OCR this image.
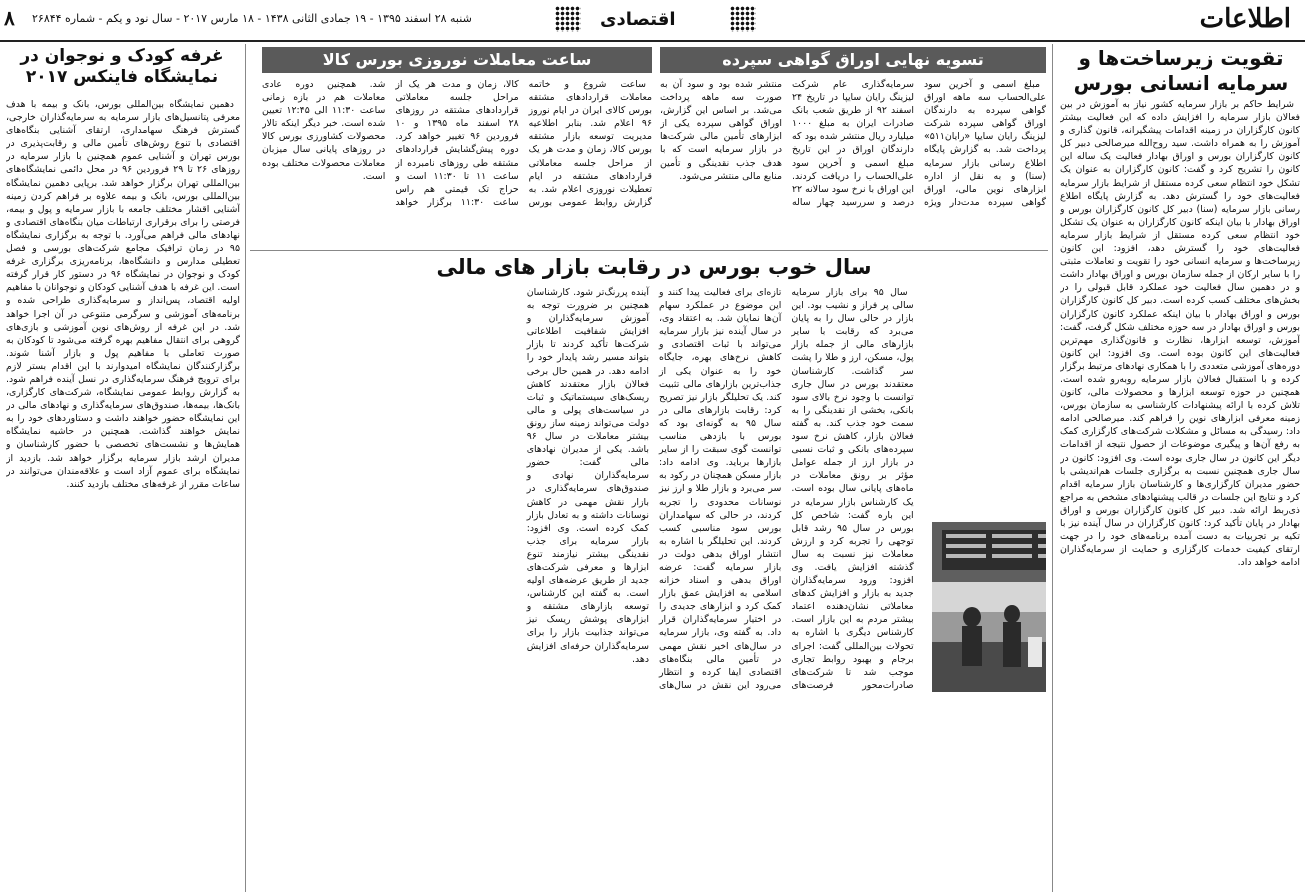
اطلاعات
اقتصادی
شنبه ۲۸ اسفند ۱۳۹۵ - ۱۹ جمادی الثانی ۱۴۳۸ - ۱۸ مارس ۲۰۱۷ - سال نود و یکم - شماره ۲۶۸۴۴
۸
تقویت زیرساخت‌ها و سرمایه انسانی بورس

شرایط حاکم بر بازار سرمایه کشور نیاز به آموزش در بین فعالان بازار سرمایه را افزایش داده که این فعالیت بیشتر کانون کارگزاران در زمینه اقدامات پیشگیرانه، قانون گذاری و آموزش را به همراه داشت. سید روح‌الله میرصالحی دبیر کل کانون کارگزاران بورس و اوراق بهادار فعالیت یک ساله این کانون را تشریح کرد و گفت: کانون کارگزاران به عنوان یک تشکل خود انتظام سعی کرده مستقل از شرایط بازار سرمایه فعالیت‌های خود را گسترش دهد. به گزارش پایگاه اطلاع رسانی بازار سرمایه (سنا) دبیر کل کانون کارگزاران بورس و اوراق بهادار با بیان اینکه کانون کارگزاران به عنوان یک تشکل خود انتظام سعی کرده مستقل از شرایط بازار سرمایه فعالیت‌های خود را گسترش دهد، افزود: این کانون زیرساخت‌ها و سرمایه انسانی خود را تقویت و تعاملات مثبتی را با سایر ارکان از جمله سازمان بورس و اوراق بهادار داشت و در دهمین سال فعالیت خود عملکرد قابل قبولی را در بخش‌های مختلف کسب کرده است. دبیر کل کانون کارگزاران بورس و اوراق بهادار با بیان اینکه عملکرد کانون کارگزاران بورس و اوراق بهادار در سه حوزه مختلف شکل گرفت، گفت: آموزش، توسعه ابزارها، نظارت و قانون‌گذاری مهم‌ترین فعالیت‌های این کانون بوده است. وی افزود: این کانون دوره‌های آموزشی متعددی را با همکاری نهادهای مرتبط برگزار کرده و با استقبال فعالان بازار سرمایه روبه‌رو شده است. همچنین در حوزه توسعه ابزارها و محصولات مالی، کانون تلاش کرده با ارائه پیشنهادات کارشناسی به سازمان بورس، زمینه معرفی ابزارهای نوین را فراهم کند. میرصالحی ادامه داد: رسیدگی به مسائل و مشکلات شرکت‌های کارگزاری کمک به رفع آن‌ها و پیگیری موضوعات از حصول نتیجه از اقدامات دیگر این کانون در سال جاری بوده است. وی افزود: کانون در سال جاری همچنین نسبت به برگزاری جلسات هم‌اندیشی با حضور مدیران کارگزاری‌ها و کارشناسان بازار سرمایه اقدام کرد و نتایج این جلسات در قالب پیشنهادهای مشخص به مراجع ذی‌ربط ارائه شد. دبیر کل کانون کارگزاران بورس و اوراق بهادار در پایان تأکید کرد: کانون کارگزاران در سال آینده نیز با تکیه بر تجربیات به دست آمده برنامه‌های خود را در جهت ارتقای کیفیت خدمات کارگزاری و حمایت از سرمایه‌گذاران ادامه خواهد داد.

تسویه نهایی اوراق گواهی سپرده

مبلغ اسمی و آخرین سود علی‌الحساب سه ماهه اوراق گواهی سپرده به دارندگان اوراق گواهی سپرده شرکت لیزینگ رایان سایپا «رایان۵۱۱» پرداخت شد. به گزارش پایگاه اطلاع رسانی بازار سرمایه (سنا) و به نقل از اداره ابزارهای نوین مالی، اوراق گواهی سپرده مدت‌دار ویژه سرمایه‌گذاری عام شرکت لیزینگ رایان سایپا در تاریخ ۲۴ اسفند ۹۲ از طریق شعب بانک صادرات ایران به مبلغ ۱۰۰۰ میلیارد ریال منتشر شده بود که دارندگان اوراق در این تاریخ مبلغ اسمی و آخرین سود علی‌الحساب را دریافت کردند. این اوراق با نرخ سود سالانه ۲۲ درصد و سررسید چهار ساله منتشر شده بود و سود آن به صورت سه ماهه پرداخت می‌شد. بر اساس این گزارش، اوراق گواهی سپرده یکی از ابزارهای تأمین مالی شرکت‌ها در بازار سرمایه است که با هدف جذب نقدینگی و تأمین منابع مالی منتشر می‌شود.

ساعت معاملات نوروزی بورس کالا

ساعت شروع و خاتمه معاملات قراردادهای مشتقه بورس کالای ایران در ایام نوروز ۹۶ اعلام شد. بنابر اطلاعیه مدیریت توسعه بازار مشتقه بورس کالا، زمان و مدت هر یک از مراحل جلسه معاملاتی قراردادهای مشتقه در ایام تعطیلات نوروزی اعلام شد. به گزارش روابط عمومی بورس کالا، زمان و مدت هر یک از مراحل جلسه معاملاتی قراردادهای مشتقه در روزهای ۲۸ اسفند ماه ۱۳۹۵ و ۱۰ فروردین ۹۶ تغییر خواهد کرد. دوره پیش‌گشایش قراردادهای مشتقه طی روزهای نامبرده از ساعت ۱۱ تا ۱۱:۳۰ است و حراج تک قیمتی هم راس ساعت ۱۱:۳۰ برگزار خواهد شد. همچنین دوره عادی معاملات هم در بازه زمانی ساعت ۱۱:۳۰ الی ۱۲:۴۵ تعیین شده است. خبر دیگر اینکه تالار محصولات کشاورزی بورس کالا در روزهای پایانی سال میزبان معاملات محصولات مختلف بوده است.

سال خوب بورس در رقابت بازار های مالی

سال ۹۵ برای بازار سرمایه سالی پر فراز و نشیب بود. این بازار در حالی سال را به پایان می‌برد که رقابت با سایر بازارهای مالی از جمله بازار پول، مسکن، ارز و طلا را پشت سر گذاشت. کارشناسان معتقدند بورس در سال جاری توانست با وجود نرخ بالای سود بانکی، بخشی از نقدینگی را به سمت خود جذب کند. به گفته فعالان بازار، کاهش نرخ سود سپرده‌های بانکی و ثبات نسبی در بازار ارز از جمله عوامل مؤثر بر رونق معاملات در ماه‌های پایانی سال بوده است. یک کارشناس بازار سرمایه در این باره گفت: شاخص کل بورس در سال ۹۵ رشد قابل توجهی را تجربه کرد و ارزش معاملات نیز نسبت به سال گذشته افزایش یافت. وی افزود: ورود سرمایه‌گذاران جدید به بازار و افزایش کد‌های معاملاتی نشان‌دهنده اعتماد بیشتر مردم به این بازار است. کارشناس دیگری با اشاره به تحولات بین‌المللی گفت: اجرای برجام و بهبود روابط تجاری موجب شد تا شرکت‌های صادرات‌محور فرصت‌های تازه‌ای برای فعالیت پیدا کنند و این موضوع در عملکرد سهام آن‌ها نمایان شد. به اعتقاد وی، در سال آینده نیز بازار سرمایه می‌تواند با ثبات اقتصادی و کاهش نرخ‌های بهره، جایگاه خود را به عنوان یکی از جذاب‌ترین بازارهای مالی تثبیت کند. یک تحلیلگر بازار نیز تصریح کرد: رقابت بازارهای مالی در سال ۹۵ به گونه‌ای بود که بورس با بازدهی مناسب توانست گوی سبقت را از سایر بازارها برباید. وی ادامه داد: بازار مسکن همچنان در رکود به سر می‌برد و بازار طلا و ارز نیز نوسانات محدودی را تجربه کردند، در حالی که سهامداران بورس سود مناسبی کسب کردند. این تحلیلگر با اشاره به انتشار اوراق بدهی دولت در بازار سرمایه گفت: عرضه اوراق بدهی و اسناد خزانه اسلامی به افزایش عمق بازار کمک کرد و ابزارهای جدیدی را در اختیار سرمایه‌گذاران قرار داد. به گفته وی، بازار سرمایه در سال‌های اخیر نقش مهمی در تأمین مالی بنگاه‌های اقتصادی ایفا کرده و انتظار می‌رود این نقش در سال‌های آینده پررنگ‌تر شود. کارشناسان همچنین بر ضرورت توجه به آموزش سرمایه‌گذاران و افزایش شفافیت اطلاعاتی شرکت‌ها تأکید کردند تا بازار بتواند مسیر رشد پایدار خود را ادامه دهد. در همین حال برخی فعالان بازار معتقدند کاهش ریسک‌های سیستماتیک و ثبات در سیاست‌های پولی و مالی دولت می‌تواند زمینه ساز رونق بیشتر معاملات در سال ۹۶ باشد. یکی از مدیران نهادهای مالی گفت: حضور سرمایه‌گذاران نهادی و صندوق‌های سرمایه‌گذاری در بازار نقش مهمی در کاهش نوسانات داشته و به تعادل بازار کمک کرده است. وی افزود: بازار سرمایه برای جذب نقدینگی بیشتر نیازمند تنوع ابزارها و معرفی شرکت‌های جدید از طریق عرضه‌های اولیه است. به گفته این کارشناس، توسعه بازارهای مشتقه و ابزارهای پوشش ریسک نیز می‌تواند جذابیت بازار را برای سرمایه‌گذاران حرفه‌ای افزایش دهد.

غرفه کودک و نوجوان در نمایشگاه فاینکس ۲۰۱۷

دهمین نمایشگاه بین‌المللی بورس، بانک و بیمه با هدف معرفی پتانسیل‌های بازار سرمایه به سرمایه‌گذاران خارجی، گسترش فرهنگ سهامداری، ارتقای آشنایی بنگاه‌های اقتصادی با تنوع روش‌های تأمین مالی و رقابت‌پذیری در بورس تهران و آشنایی عموم همچنین با بازار سرمایه در روزهای ۲۶ تا ۲۹ فروردین ۹۶ در محل دائمی نمایشگاه‌های بین‌المللی تهران برگزار خواهد شد. برپایی دهمین نمایشگاه بین‌المللی بورس، بانک و بیمه علاوه بر فراهم کردن زمینه آشنایی اقشار مختلف جامعه با بازار سرمایه و پول و بیمه، فرصتی را برای برقراری ارتباطات میان بنگاه‌های اقتصادی و نهادهای مالی فراهم می‌آورد. با توجه به برگزاری نمایشگاه ۹۵ در زمان ترافیک مجامع شرکت‌های بورسی و فصل تعطیلی مدارس و دانشگاه‌ها، برنامه‌ریزی برگزاری غرفه کودک و نوجوان در نمایشگاه ۹۶ در دستور کار قرار گرفته است. این غرفه با هدف آشنایی کودکان و نوجوانان با مفاهیم اولیه اقتصاد، پس‌انداز و سرمایه‌گذاری طراحی شده و برنامه‌های آموزشی و سرگرمی متنوعی در آن اجرا خواهد شد. در این غرفه از روش‌های نوین آموزشی و بازی‌های گروهی برای انتقال مفاهیم بهره گرفته می‌شود تا کودکان به صورت تعاملی با مفاهیم پول و بازار آشنا شوند. برگزارکنندگان نمایشگاه امیدوارند با این اقدام بستر لازم برای ترویج فرهنگ سرمایه‌گذاری در نسل آینده فراهم شود. به گزارش روابط عمومی نمایشگاه، شرکت‌های کارگزاری، بانک‌ها، بیمه‌ها، صندوق‌های سرمایه‌گذاری و نهادهای مالی در این نمایشگاه حضور خواهند داشت و دستاوردهای خود را به نمایش خواهند گذاشت. همچنین در حاشیه نمایشگاه همایش‌ها و نشست‌های تخصصی با حضور کارشناسان و مدیران ارشد بازار سرمایه برگزار خواهد شد. بازدید از نمایشگاه برای عموم آزاد است و علاقه‌مندان می‌توانند در ساعات مقرر از غرفه‌های مختلف بازدید کنند.
